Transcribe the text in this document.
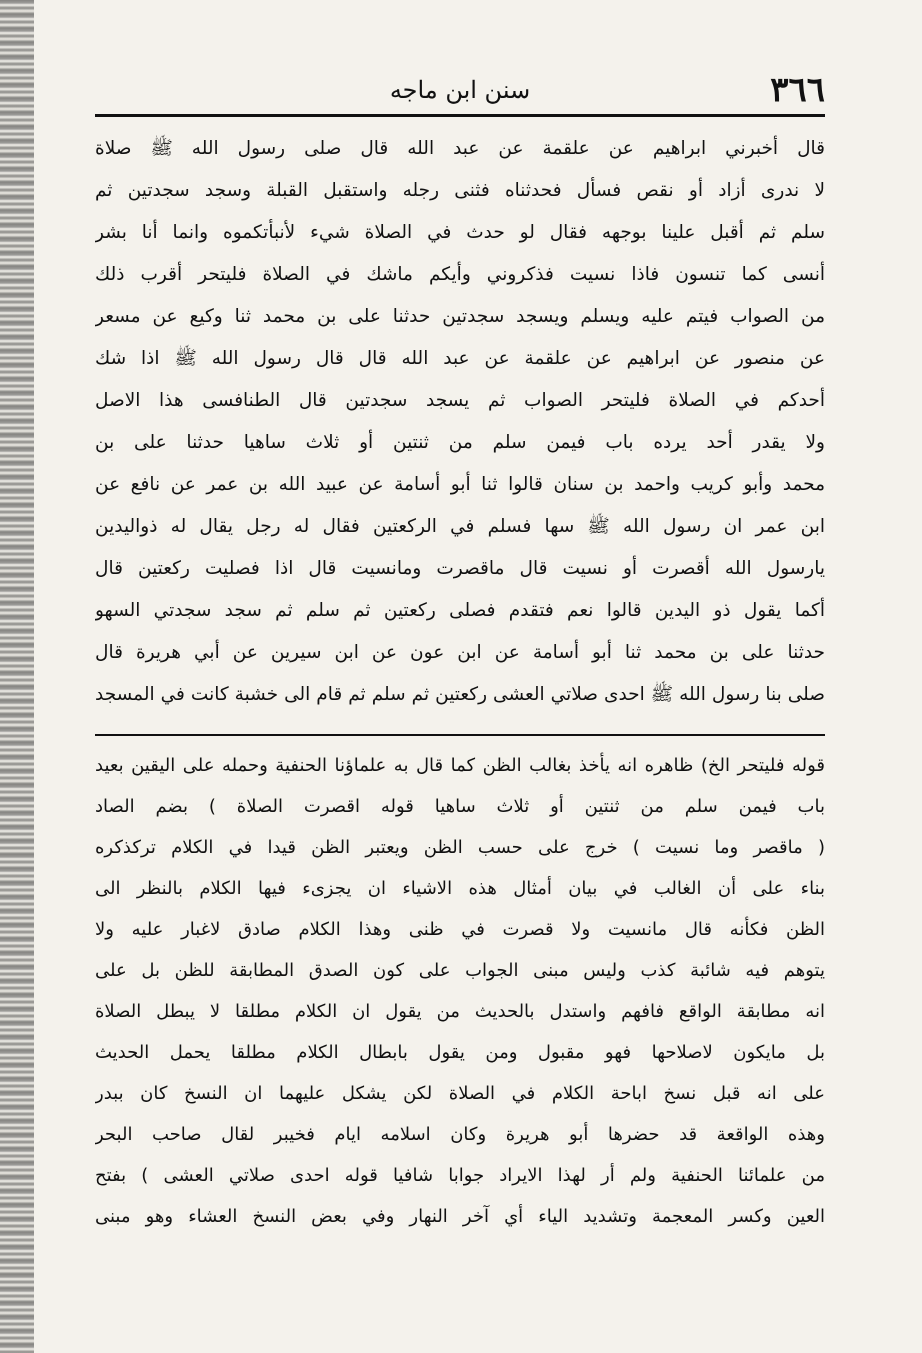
٣٦٦
سنن ابن ماجه
قال أخبرني ابراهيم عن علقمة عن عبد الله قال صلى رسول الله ﷺ صلاة
لا ندرى أزاد أو نقص فسأل فحدثناه فثنى رجله واستقبل القبلة وسجد سجدتين ثم
سلم ثم أقبل علينا بوجهه فقال لو حدث في الصلاة شيء لأنبأتكموه وانما أنا بشر
أنسى كما تنسون فاذا نسيت فذكروني وأيكم ماشك في الصلاة فليتحر أقرب ذلك
من الصواب فيتم عليه ويسلم ويسجد سجدتين حدثنا على بن محمد ثنا وكيع عن مسعر
عن منصور عن ابراهيم عن علقمة عن عبد الله قال قال رسول الله ﷺ اذا شك
أحدكم في الصلاة فليتحر الصواب ثم يسجد سجدتين قال الطنافسى هذا الاصل
ولا يقدر أحد يرده باب فيمن سلم من ثنتين أو ثلاث ساهيا حدثنا على بن
محمد وأبو كريب واحمد بن سنان قالوا ثنا أبو أسامة عن عبيد الله بن عمر عن نافع عن
ابن عمر ان رسول الله ﷺ سها فسلم في الركعتين فقال له رجل يقال له ذواليدين
يارسول الله أقصرت أو نسيت قال ماقصرت ومانسيت قال اذا فصليت ركعتين قال
أكما يقول ذو اليدين قالوا نعم فتقدم فصلى ركعتين ثم سلم ثم سجد سجدتي السهو
حدثنا على بن محمد ثنا أبو أسامة عن ابن عون عن ابن سيرين عن أبي هريرة قال
صلى بنا رسول الله ﷺ احدى صلاتي العشى ركعتين ثم سلم ثم قام الى خشبة كانت في المسجد
قوله فليتحر الخ) ظاهره انه يأخذ بغالب الظن كما قال به علماؤنا الحنفية وحمله على اليقين بعيد
باب فيمن سلم من ثنتين أو ثلاث ساهيا قوله اقصرت الصلاة ) بضم الصاد
( ماقصر وما نسيت ) خرج على حسب الظن ويعتبر الظن قيدا في الكلام تركذكره
بناء على أن الغالب في بيان أمثال هذه الاشياء ان يجزىء فيها الكلام بالنظر الى
الظن فكأنه قال مانسيت ولا قصرت في ظنى وهذا الكلام صادق لاغبار عليه ولا
يتوهم فيه شائبة كذب وليس مبنى الجواب على كون الصدق المطابقة للظن بل على
انه مطابقة الواقع فافهم واستدل بالحديث من يقول ان الكلام مطلقا لا يبطل الصلاة
بل مايكون لاصلاحها فهو مقبول ومن يقول بابطال الكلام مطلقا يحمل الحديث
على انه قبل نسخ اباحة الكلام في الصلاة لكن يشكل عليهما ان النسخ كان ببدر
وهذه الواقعة قد حضرها أبو هريرة وكان اسلامه ايام فخيبر لقال صاحب البحر
من علمائنا الحنفية ولم أر لهذا الايراد جوابا شافيا قوله احدى صلاتي العشى ) بفتح
العين وكسر المعجمة وتشديد الياء أي آخر النهار وفي بعض النسخ العشاء وهو مبنى
